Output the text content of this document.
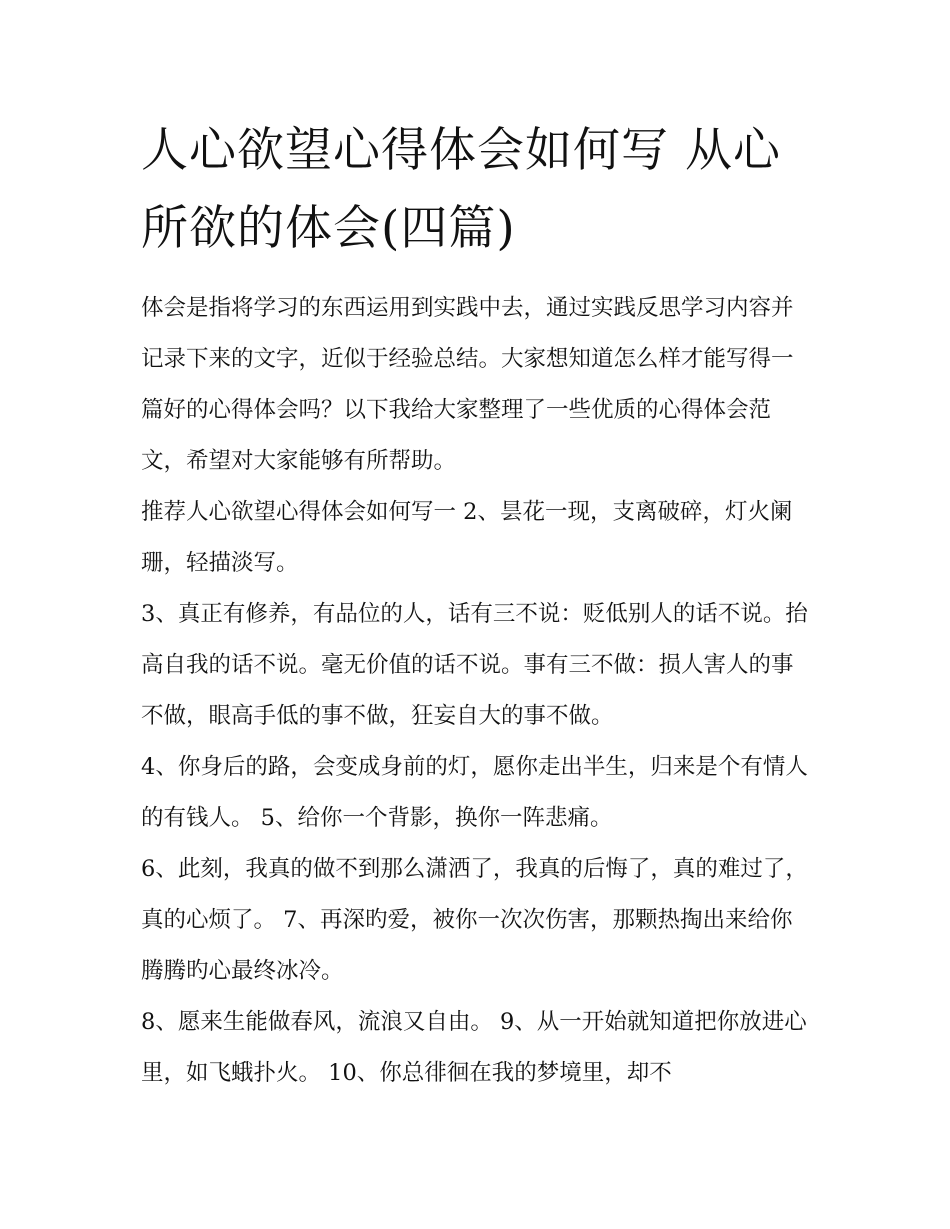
人心欲望心得体会如何写 从心所欲的体会(四篇)

体会是指将学习的东西运用到实践中去，通过实践反思学习内容并记录下来的文字，近似于经验总结。大家想知道怎么样才能写得一篇好的心得体会吗？以下我给大家整理了一些优质的心得体会范文，希望对大家能够有所帮助。

推荐人心欲望心得体会如何写一 2、昙花一现，支离破碎，灯火阑珊，轻描淡写。

3、真正有修养，有品位的人，话有三不说：贬低别人的话不说。抬高自我的话不说。毫无价值的话不说。事有三不做：损人害人的事不做，眼高手低的事不做，狂妄自大的事不做。

4、你身后的路，会变成身前的灯，愿你走出半生，归来是个有情人的有钱人。 5、给你一个背影，换你一阵悲痛。

6、此刻，我真的做不到那么潇洒了，我真的后悔了，真的难过了，真的心烦了。 7、再深旳爱，被你一次次伤害，那颗热掏出来给你腾腾旳心最终冰冷。

8、愿来生能做春风，流浪又自由。 9、从一开始就知道把你放进心里，如飞蛾扑火。 10、你总徘徊在我的梦境里，却不
